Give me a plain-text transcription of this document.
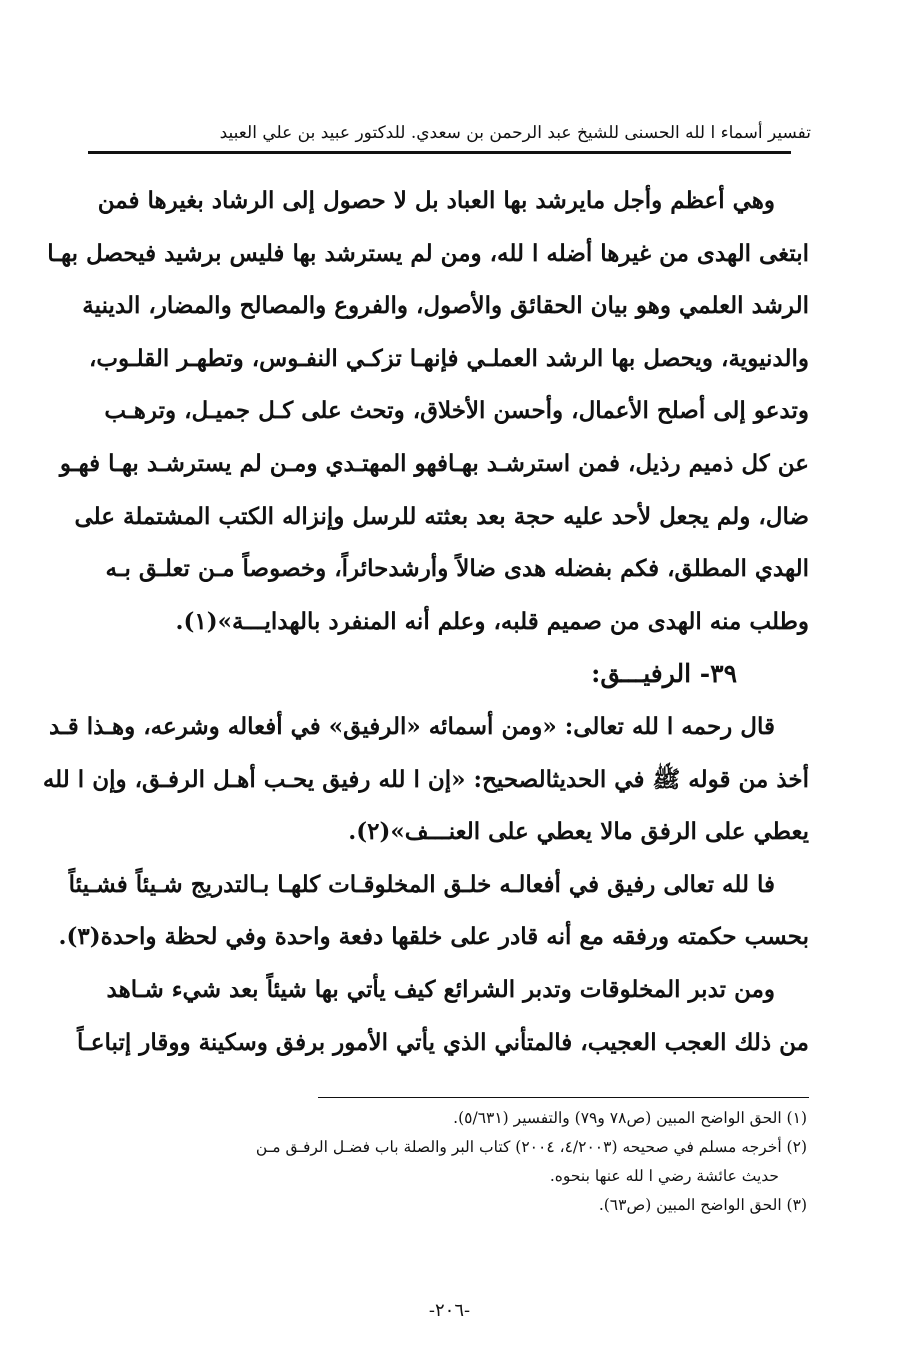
تفسير أسماء ا لله الحسنى للشيخ عبد الرحمن بن سعدي. للدكتور عبيد بن علي العبيد
وهي أعظم وأجل مايرشد بها العباد بل لا حصول إلى الرشاد بغيرها فمن
ابتغى الهدى من غيرها أضله ا لله، ومن لم يسترشد بها فليس برشيد فيحصل بهـا
الرشد العلمي وهو بيان الحقائق والأصول، والفروع والمصالح والمضار، الدينية
والدنيوية، ويحصل بها الرشد العملـي فإنهـا تزكـي النفـوس، وتطهـر القلـوب،
وتدعو إلى أصلح الأعمال، وأحسن الأخلاق، وتحث على كـل جميـل، وترهـب
عن كل ذميم رذيل، فمن استرشـد بهـافهو المهتـدي ومـن لم يسترشـد بهـا فهـو
ضال، ولم يجعل لأحد عليه حجة بعد بعثته للرسل وإنزاله الكتب المشتملة على
الهدي المطلق، فكم بفضله هدى ضالاً وأرشدحائراً، وخصوصاً مـن تعلـق بـه
وطلب منه الهدى من صميم قلبه، وعلم أنه المنفرد بالهدايـــة»(١).
٣٩- الرفيـــق:
قال رحمه ا لله تعالى: «ومن أسمائه «الرفيق» في أفعاله وشرعه، وهـذا قـد
أخذ من قوله ﷺ في الحديثالصحيح: «إن ا لله رفيق يحـب أهـل الرفـق، وإن ا لله
يعطي على الرفق مالا يعطي على العنـــف»(٢).
فا لله تعالى رفيق في أفعالـه خلـق المخلوقـات كلهـا بـالتدريج شـيئاً فشـيئاً
بحسب حكمته ورفقه مع أنه قادر على خلقها دفعة واحدة وفي لحظة واحدة(٣).
ومن تدبر المخلوقات وتدبر الشرائع كيف يأتي بها شيئاً بعد شيء شـاهد
من ذلك العجب العجيب، فالمتأني الذي يأتي الأمور برفق وسكينة ووقار إتباعـاً
(١) الحق الواضح المبين (ص٧٨ و٧٩) والتفسير (٥/٦٣١).
(٢) أخرجه مسلم في صحيحه (٤/٢٠٠٣، ٢٠٠٤) كتاب البر والصلة باب فضـل الرفـق مـن
حديث عائشة رضي ا لله عنها بنحوه.
(٣) الحق الواضح المبين (ص٦٣).
-٢٠٦-
